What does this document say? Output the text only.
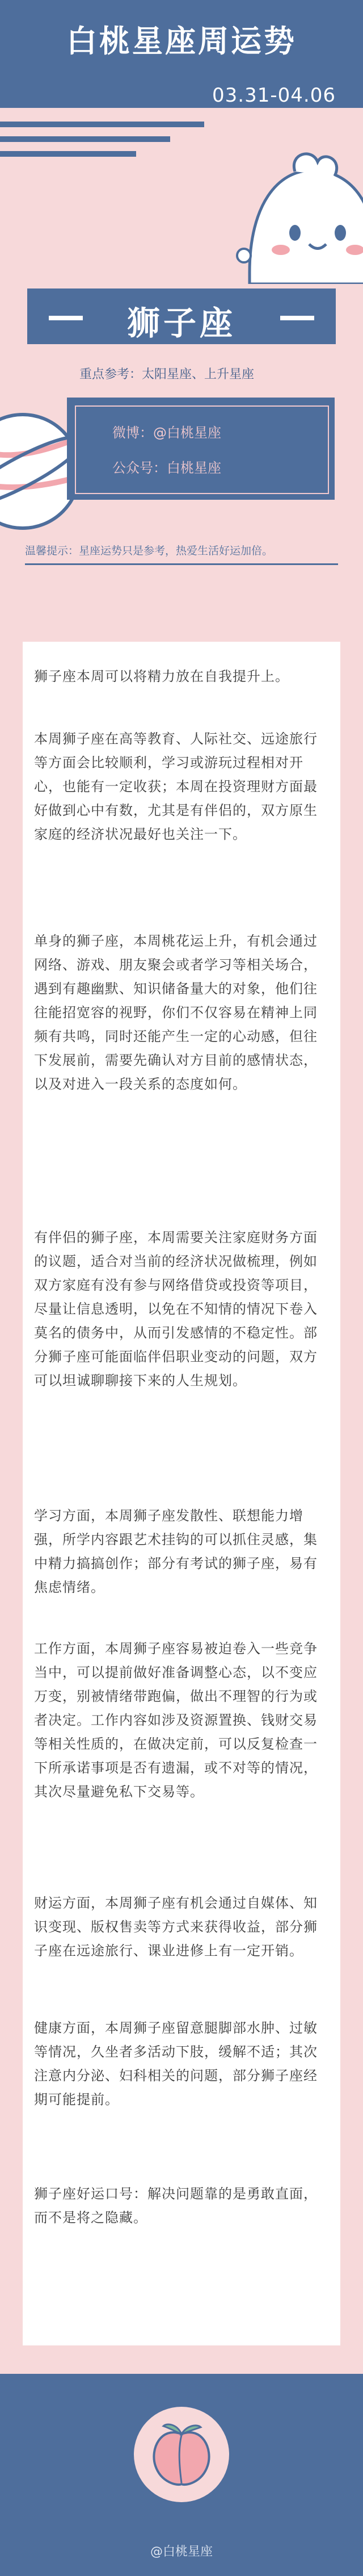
白桃星座周运势
03.31-04.06
狮子座
重点参考：太阳星座、上升星座
微博：@白桃星座
公众号：白桃星座
温馨提示：星座运势只是参考，热爱生活好运加倍。

狮子座本周可以将精力放在自我提升上。

本周狮子座在高等教育、人际社交、远途旅行等方面会比较顺利，学习或游玩过程相对开心，也能有一定收获；本周在投资理财方面最好做到心中有数，尤其是有伴侣的，双方原生家庭的经济状况最好也关注一下。

单身的狮子座，本周桃花运上升，有机会通过网络、游戏、朋友聚会或者学习等相关场合，遇到有趣幽默、知识储备量大的对象，他们往往能招宽容的视野，你们不仅容易在精神上同频有共鸣，同时还能产生一定的心动感，但往下发展前，需要先确认对方目前的感情状态，以及对进入一段关系的态度如何。

有伴侣的狮子座，本周需要关注家庭财务方面的议题，适合对当前的经济状况做梳理，例如双方家庭有没有参与网络借贷或投资等项目，尽量让信息透明，以免在不知情的情况下卷入莫名的债务中，从而引发感情的不稳定性。部分狮子座可能面临伴侣职业变动的问题，双方可以坦诚聊聊接下来的人生规划。

学习方面，本周狮子座发散性、联想能力增强，所学内容跟艺术挂钩的可以抓住灵感，集中精力搞搞创作；部分有考试的狮子座，易有焦虑情绪。

工作方面，本周狮子座容易被迫卷入一些竞争当中，可以提前做好准备调整心态，以不变应万变，别被情绪带跑偏，做出不理智的行为或者决定。工作内容如涉及资源置换、钱财交易等相关性质的，在做决定前，可以反复检查一下所承诺事项是否有遗漏，或不对等的情况，其次尽量避免私下交易等。

财运方面，本周狮子座有机会通过自媒体、知识变现、版权售卖等方式来获得收益，部分狮子座在远途旅行、课业进修上有一定开销。

健康方面，本周狮子座留意腿脚部水肿、过敏等情况，久坐者多活动下肢，缓解不适；其次注意内分泌、妇科相关的问题，部分狮子座经期可能提前。

狮子座好运口号：解决问题靠的是勇敢直面，而不是将之隐藏。

@白桃星座
